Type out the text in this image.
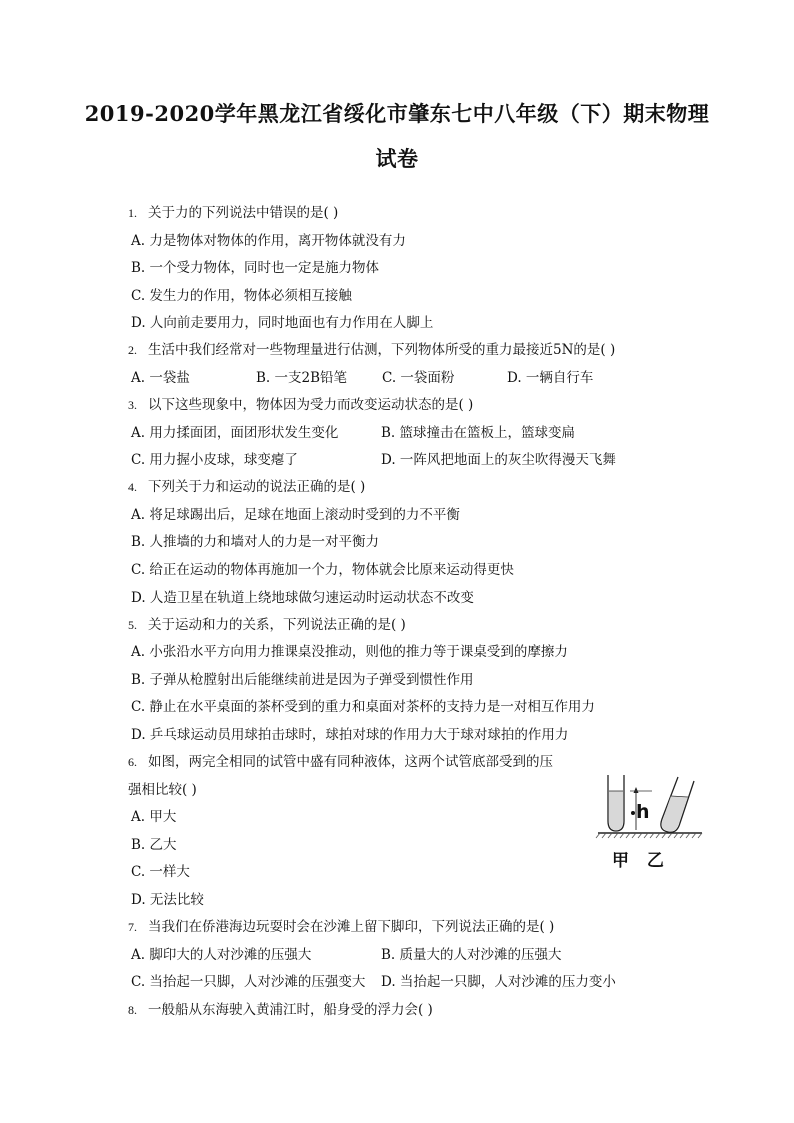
2019-2020学年黑龙江省绥化市肇东七中八年级（下）期末物理
试卷
1. 关于力的下列说法中错误的是( )
A. 力是物体对物体的作用，离开物体就没有力
B. 一个受力物体，同时也一定是施力物体
C. 发生力的作用，物体必须相互接触
D. 人向前走要用力，同时地面也有力作用在人脚上
2. 生活中我们经常对一些物理量进行估测，下列物体所受的重力最接近5N的是( )
A. 一袋盐	B. 一支2B铅笔	C. 一袋面粉	D. 一辆自行车
3. 以下这些现象中，物体因为受力而改变运动状态的是( )
A. 用力揉面团，面团形状发生变化	B. 篮球撞击在篮板上，篮球变扁
C. 用力握小皮球，球变瘪了	D. 一阵风把地面上的灰尘吹得漫天飞舞
4. 下列关于力和运动的说法正确的是( )
A. 将足球踢出后，足球在地面上滚动时受到的力不平衡
B. 人推墙的力和墙对人的力是一对平衡力
C. 给正在运动的物体再施加一个力，物体就会比原来运动得更快
D. 人造卫星在轨道上绕地球做匀速运动时运动状态不改变
5. 关于运动和力的关系，下列说法正确的是( )
A. 小张沿水平方向用力推课桌没推动，则他的推力等于课桌受到的摩擦力
B. 子弹从枪膛射出后能继续前进是因为子弹受到惯性作用
C. 静止在水平桌面的茶杯受到的重力和桌面对茶杯的支持力是一对相互作用力
D. 乒乓球运动员用球拍击球时，球拍对球的作用力大于球对球拍的作用力
6. 如图，两完全相同的试管中盛有同种液体，这两个试管底部受到的压
强相比较( )
A. 甲大
B. 乙大
C. 一样大
D. 无法比较
h
甲 乙
7. 当我们在侨港海边玩耍时会在沙滩上留下脚印，下列说法正确的是( )
A. 脚印大的人对沙滩的压强大	B. 质量大的人对沙滩的压强大
C. 当抬起一只脚，人对沙滩的压强变大 D. 当抬起一只脚，人对沙滩的压力变小
8. 一般船从东海驶入黄浦江时，船身受的浮力会( )
